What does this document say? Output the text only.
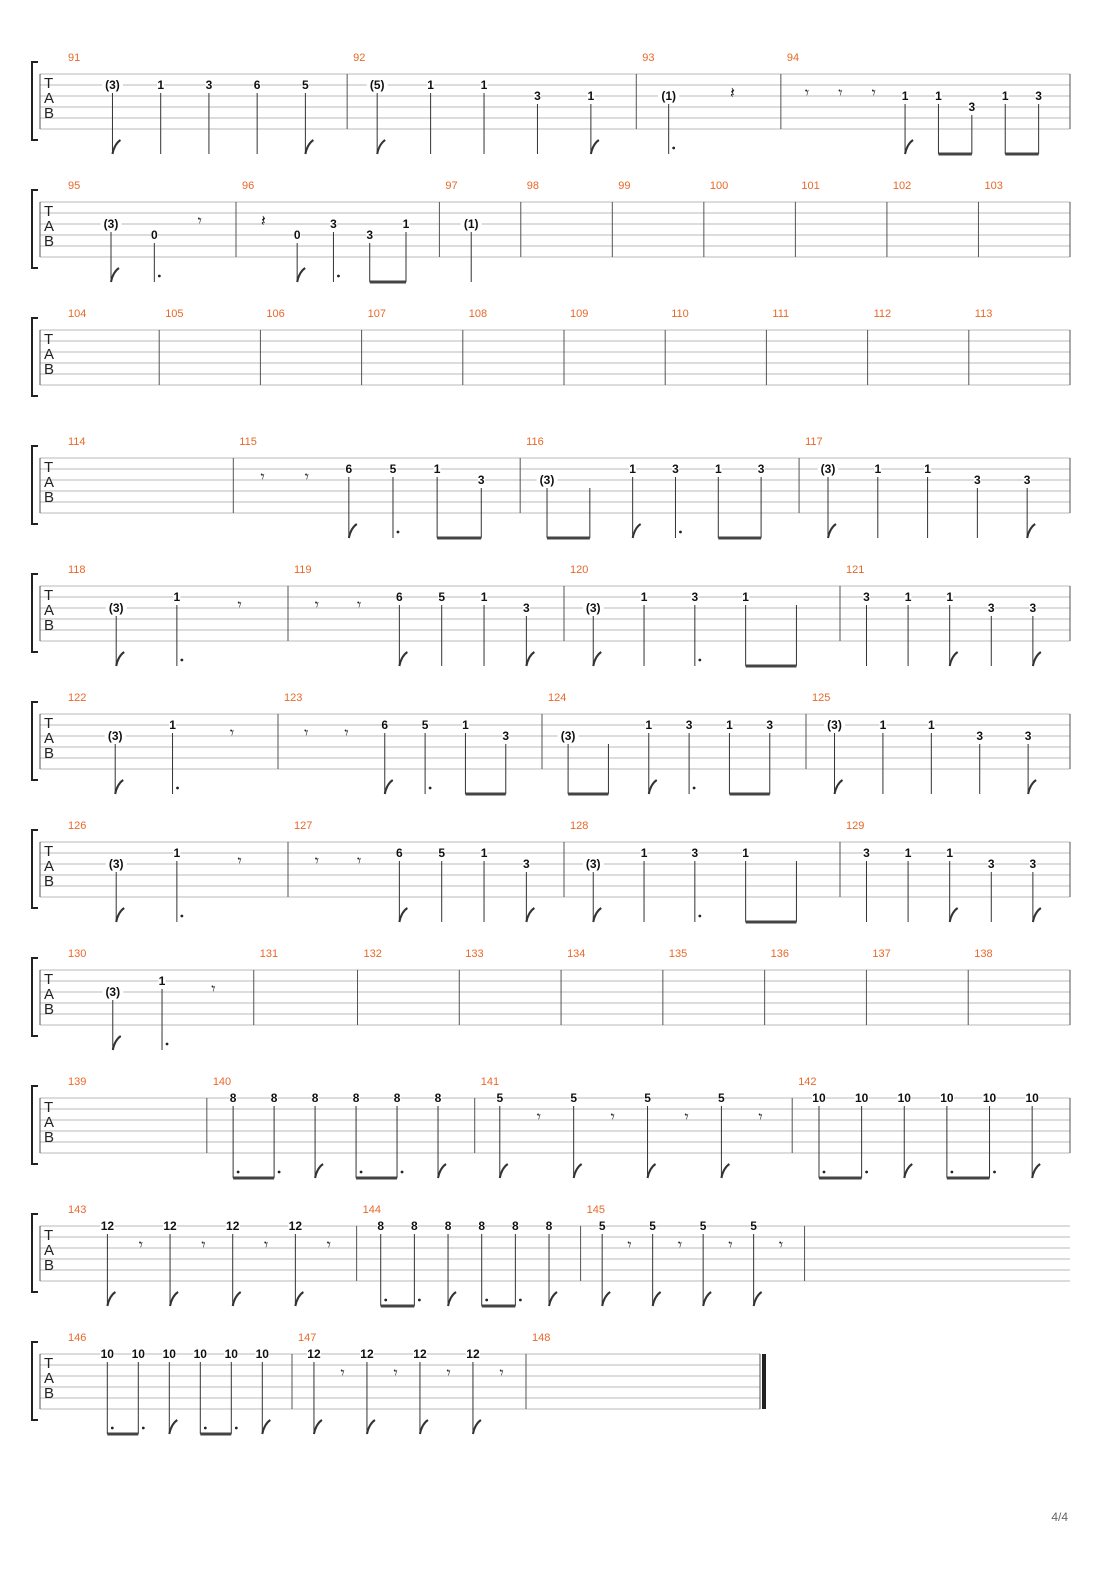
T
A
B
91
(3)	1	3	6	5
92
(5)	1	1
3	1
93
(1)	𝄽
94
𝄾 𝄾 𝄾 1 1
3
1 3
T
A
B
95
(3)
0
𝄾
96
𝄽
0
3
3
1
97
(1)
98	99	100	101	102	103
T
A
B
104	105	106	107	108	109	110	111	112	113
T
A
B
114	115
𝄾 𝄾	6	5	1
3
116
(3)
1	3	1	3
117
(3)	1	1
3	3
T
A
B
118
(3)
1	𝄾
119
𝄾 𝄾	6	5	1
3
120
(3)
1	3	1
121
3	1	1
3	3
T
A
B
122
(3)
1	𝄾
123
𝄾 𝄾	6	5	1
3
124
(3)
1	3	1	3
125
(3)	1	1
3	3
T
A
B
126
(3)
1	𝄾
127
𝄾 𝄾	6	5	1
3
128
(3)
1	3	1
129
3	1	1
3	3
T
A
B
130
(3)
1	𝄾
131	132	133	134	135	136	137	138
T
A
B
139	140
8	8	8	8	8	8
141
5
𝄾
5
𝄾
5
𝄾
5
𝄾
142
10 10 10 10 10 10
T
A
B
143
12
𝄾
12
𝄾
12
𝄾
12
𝄾
144
8 8 8 8 8 8
145
5
𝄾
5
𝄾
5
𝄾
5
𝄾
T
A
B
146
10 10 10 10 10 10
147
12
𝄾
12
𝄾
12
𝄾
12
𝄾
148
4/4
